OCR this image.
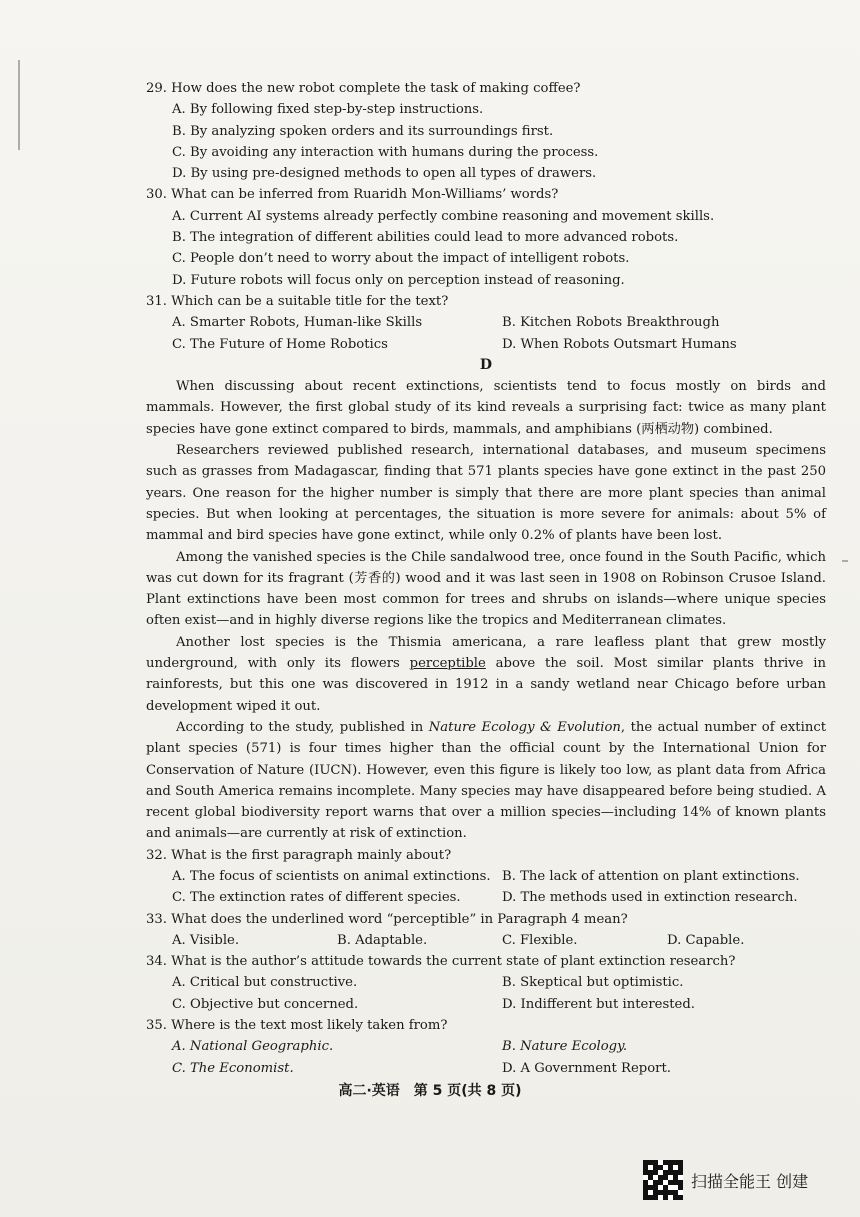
29. How does the new robot complete the task of making coffee?

A. By following fixed step-by-step instructions.

B. By analyzing spoken orders and its surroundings first.

C. By avoiding any interaction with humans during the process.

D. By using pre-designed methods to open all types of drawers.

30. What can be inferred from Ruaridh Mon-Williams’ words?

A. Current AI systems already perfectly combine reasoning and movement skills.

B. The integration of different abilities could lead to more advanced robots.

C. People don’t need to worry about the impact of intelligent robots.

D. Future robots will focus only on perception instead of reasoning.

31. Which can be a suitable title for the text?

A. Smarter Robots, Human-like Skills	B. Kitchen Robots Breakthrough
C. The Future of Home Robotics	D. When Robots Outsmart Humans

D

When discussing about recent extinctions, scientists tend to focus mostly on birds and mammals. However, the first global study of its kind reveals a surprising fact: twice as many plant species have gone extinct compared to birds, mammals, and amphibians (两栖动物) combined.

Researchers reviewed published research, international databases, and museum specimens such as grasses from Madagascar, finding that 571 plants species have gone extinct in the past 250 years. One reason for the higher number is simply that there are more plant species than animal species. But when looking at percentages, the situation is more severe for animals: about 5% of mammal and bird species have gone extinct, while only 0.2% of plants have been lost.

Among the vanished species is the Chile sandalwood tree, once found in the South Pacific, which was cut down for its fragrant (芳香的) wood and it was last seen in 1908 on Robinson Crusoe Island. Plant extinctions have been most common for trees and shrubs on islands—where unique species often exist—and in highly diverse regions like the tropics and Mediterranean climates.

Another lost species is the Thismia americana, a rare leafless plant that grew mostly underground, with only its flowers perceptible above the soil. Most similar plants thrive in rainforests, but this one was discovered in 1912 in a sandy wetland near Chicago before urban development wiped it out.

According to the study, published in Nature Ecology & Evolution, the actual number of extinct plant species (571) is four times higher than the official count by the International Union for Conservation of Nature (IUCN). However, even this figure is likely too low, as plant data from Africa and South America remains incomplete. Many species may have disappeared before being studied. A recent global biodiversity report warns that over a million species—including 14% of known plants and animals—are currently at risk of extinction.

32. What is the first paragraph mainly about?

A. The focus of scientists on animal extinctions. B. The lack of attention on plant extinctions.
C. The extinction rates of different species.	D. The methods used in extinction research.

33. What does the underlined word “perceptible” in Paragraph 4 mean?

A. Visible.	B. Adaptable.	C. Flexible.	D. Capable.

34. What is the author’s attitude towards the current state of plant extinction research?

A. Critical but constructive.	B. Skeptical but optimistic.
C. Objective but concerned.	D. Indifferent but interested.

35. Where is the text most likely taken from?

A. National Geographic.	B. Nature Ecology.
C. The Economist.	D. A Government Report.
高二·英语　第 5 页(共 8 页)
扫描全能王 创建
